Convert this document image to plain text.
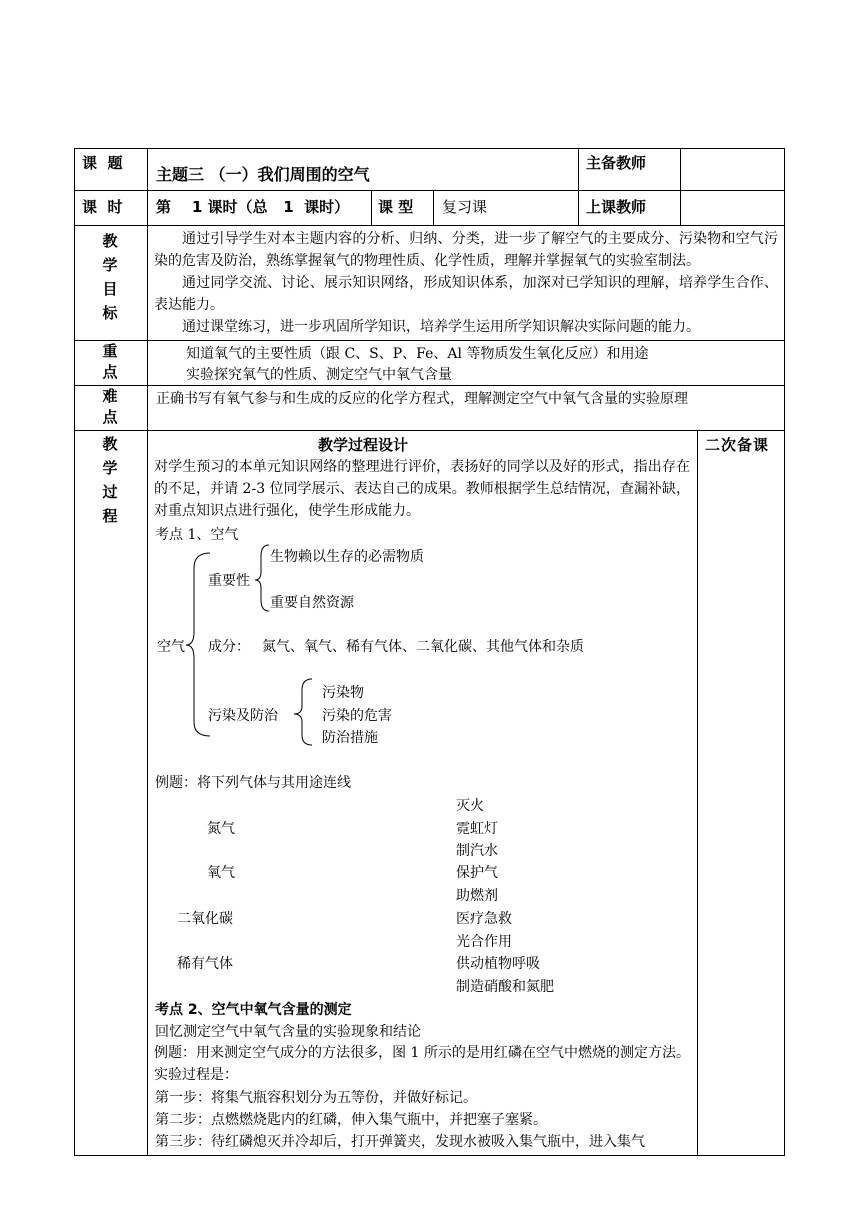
课  题
主题三 （一）我们周围的空气
主备教师
课  时 第    1 课时（总   1  课时） 课 型 复习课	上课教师
教学目标
通过引导学生对本主题内容的分析、归纳、分类，进一步了解空气的主要成分、污染物和空气污染的危害及防治，熟练掌握氧气的物理性质、化学性质，理解并掌握氧气的实验室制法。
通过同学交流、讨论、展示知识网络，形成知识体系，加深对已学知识的理解，培养学生合作、表达能力。
通过课堂练习，进一步巩固所学知识，培养学生运用所学知识解决实际问题的能力。
重点
知道氧气的主要性质（跟 C、S、P、Fe、Al 等物质发生氧化反应）和用途
实验探究氧气的性质、测定空气中氧气含量
难点
正确书写有氧气参与和生成的反应的化学方程式，理解测定空气中氧气含量的实验原理
教学过程
教学过程设计	二次备课
对学生预习的本单元知识网络的整理进行评价，表扬好的同学以及好的形式，指出存在的不足，并请 2-3 位同学展示、表达自己的成果。教师根据学生总结情况，查漏补缺，对重点知识点进行强化，使学生形成能力。
考点 1、空气
空气
重要性
生物赖以生存的必需物质
重要自然资源
成分： 氮气、氧气、稀有气体、二氧化碳、其他气体和杂质
污染及防治
污染物
污染的危害
防治措施
例题：将下列气体与其用途连线
氮气
氧气
二氧化碳
稀有气体
灭火
霓虹灯
制汽水
保护气
助燃剂
医疗急救
光合作用
供动植物呼吸
制造硝酸和氮肥
考点 2、空气中氧气含量的测定
回忆测定空气中氧气含量的实验现象和结论
例题：用来测定空气成分的方法很多，图 1 所示的是用红磷在空气中燃烧的测定方法。实验过程是：
第一步：将集气瓶容积划分为五等份，并做好标记。
第二步：点燃燃烧匙内的红磷，伸入集气瓶中，并把塞子塞紧。
第三步：待红磷熄灭并冷却后，打开弹簧夹，发现水被吸入集气瓶中，进入集气
